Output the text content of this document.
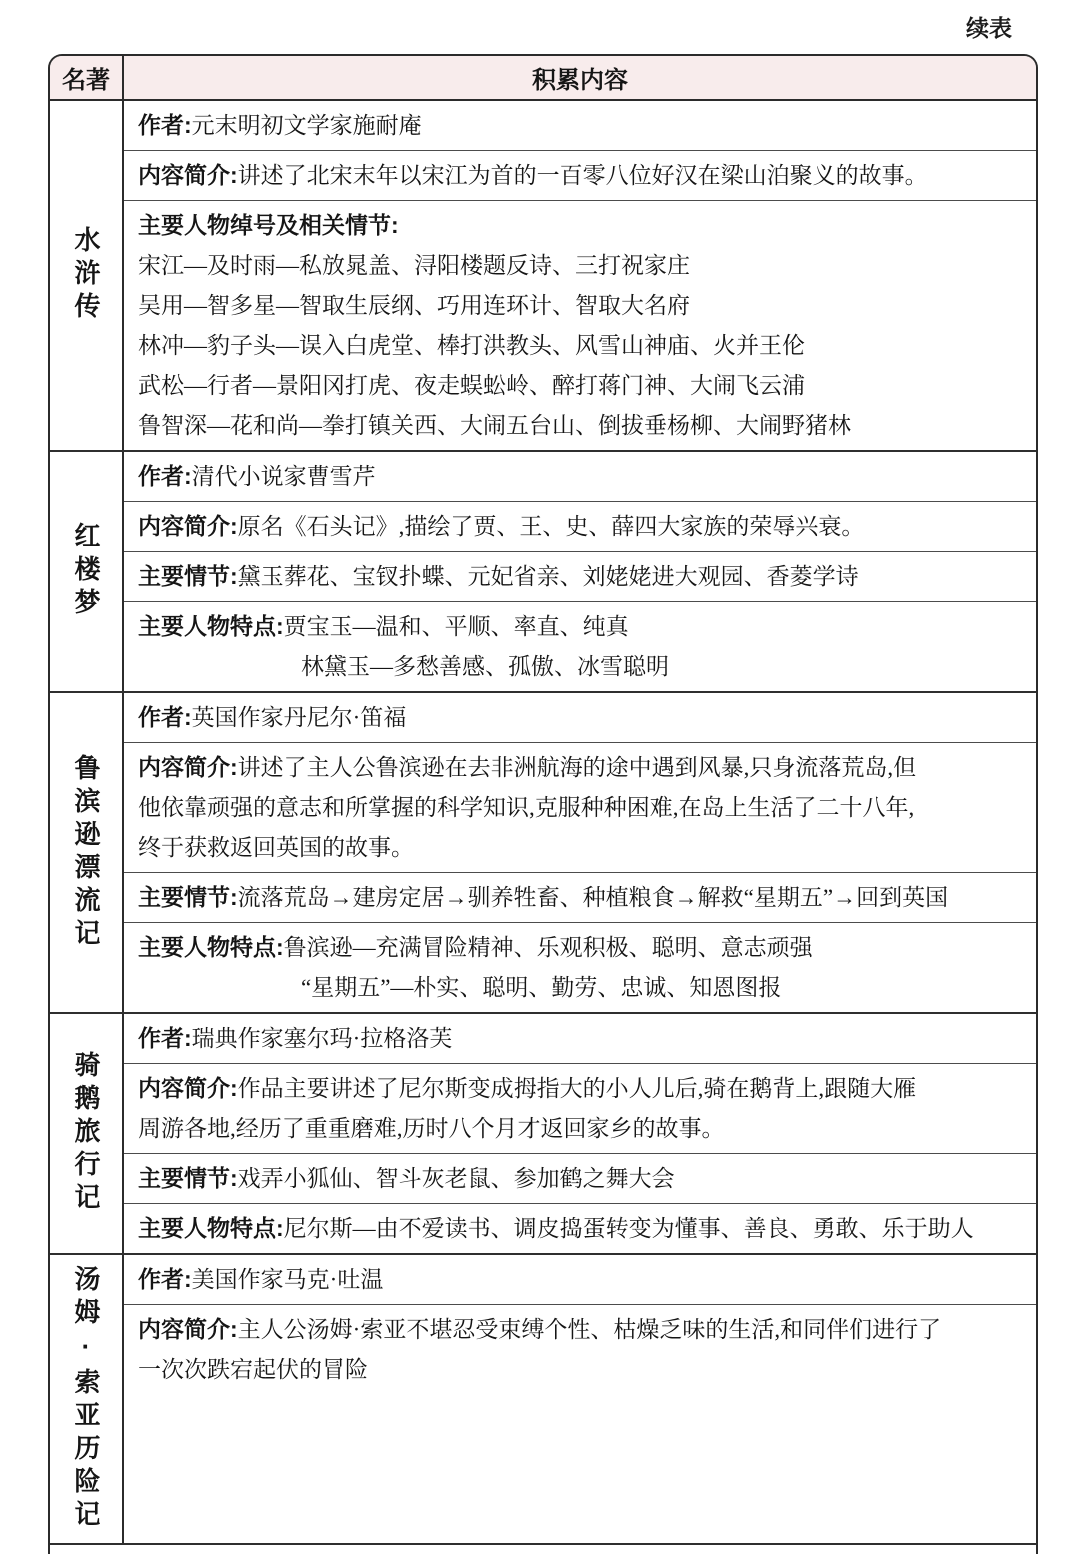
续表
名著	积累内容
水浒传
作者:元末明初文学家施耐庵
内容简介:讲述了北宋末年以宋江为首的一百零八位好汉在梁山泊聚义的故事。
主要人物绰号及相关情节:
宋江—及时雨—私放晁盖、浔阳楼题反诗、三打祝家庄
吴用—智多星—智取生辰纲、巧用连环计、智取大名府
林冲—豹子头—误入白虎堂、棒打洪教头、风雪山神庙、火并王伦
武松—行者—景阳冈打虎、夜走蜈蚣岭、醉打蒋门神、大闹飞云浦
鲁智深—花和尚—拳打镇关西、大闹五台山、倒拔垂杨柳、大闹野猪林
红楼梦
作者:清代小说家曹雪芹
内容简介:原名《石头记》,描绘了贾、王、史、薛四大家族的荣辱兴衰。
主要情节:黛玉葬花、宝钗扑蝶、元妃省亲、刘姥姥进大观园、香菱学诗
主要人物特点:贾宝玉—温和、平顺、率直、纯真
林黛玉—多愁善感、孤傲、冰雪聪明
鲁滨逊漂流记
作者:英国作家丹尼尔·笛福
内容简介:讲述了主人公鲁滨逊在去非洲航海的途中遇到风暴,只身流落荒岛,但
他依靠顽强的意志和所掌握的科学知识,克服种种困难,在岛上生活了二十八年,
终于获救返回英国的故事。
主要情节:流落荒岛→建房定居→驯养牲畜、种植粮食→解救“星期五”→回到英国
主要人物特点:鲁滨逊—充满冒险精神、乐观积极、聪明、意志顽强
“星期五”—朴实、聪明、勤劳、忠诚、知恩图报
骑鹅旅行记
作者:瑞典作家塞尔玛·拉格洛芙
内容简介:作品主要讲述了尼尔斯变成拇指大的小人儿后,骑在鹅背上,跟随大雁
周游各地,经历了重重磨难,历时八个月才返回家乡的故事。
主要情节:戏弄小狐仙、智斗灰老鼠、参加鹤之舞大会
主要人物特点:尼尔斯—由不爱读书、调皮捣蛋转变为懂事、善良、勇敢、乐于助人
汤姆·索亚历险记 作者:美国作家马克·吐温
内容简介:主人公汤姆·索亚不堪忍受束缚个性、枯燥乏味的生活,和同伴们进行了
一次次跌宕起伏的冒险
